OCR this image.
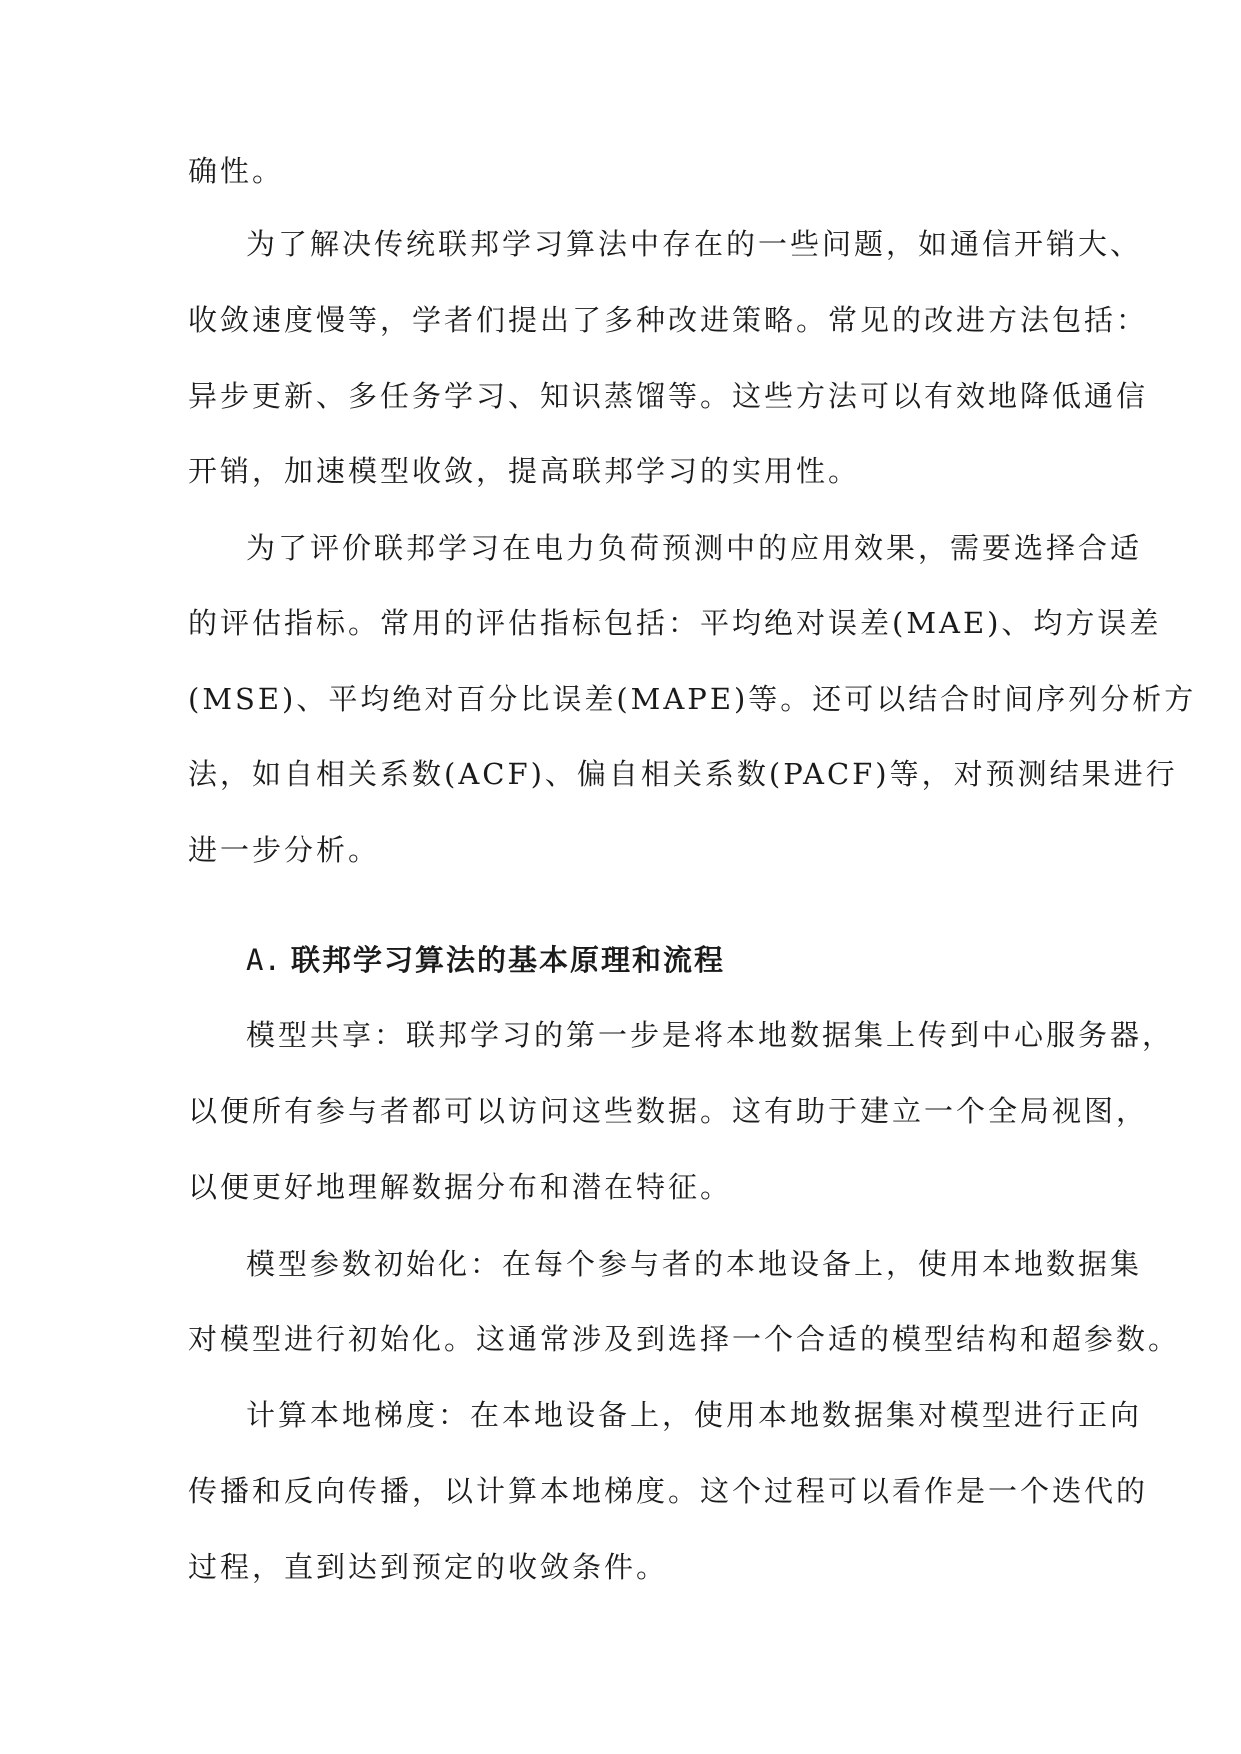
确性。
为了解决传统联邦学习算法中存在的一些问题，如通信开销大、
收敛速度慢等，学者们提出了多种改进策略。常见的改进方法包括：
异步更新、多任务学习、知识蒸馏等。这些方法可以有效地降低通信
开销，加速模型收敛，提高联邦学习的实用性。
为了评价联邦学习在电力负荷预测中的应用效果，需要选择合适
的评估指标。常用的评估指标包括：平均绝对误差(MAE)、均方误差
(MSE)、平均绝对百分比误差(MAPE)等。还可以结合时间序列分析方
法，如自相关系数(ACF)、偏自相关系数(PACF)等，对预测结果进行
进一步分析。
A. 联邦学习算法的基本原理和流程
模型共享：联邦学习的第一步是将本地数据集上传到中心服务器，
以便所有参与者都可以访问这些数据。这有助于建立一个全局视图，
以便更好地理解数据分布和潜在特征。
模型参数初始化：在每个参与者的本地设备上，使用本地数据集
对模型进行初始化。这通常涉及到选择一个合适的模型结构和超参数。
计算本地梯度：在本地设备上，使用本地数据集对模型进行正向
传播和反向传播，以计算本地梯度。这个过程可以看作是一个迭代的
过程，直到达到预定的收敛条件。
